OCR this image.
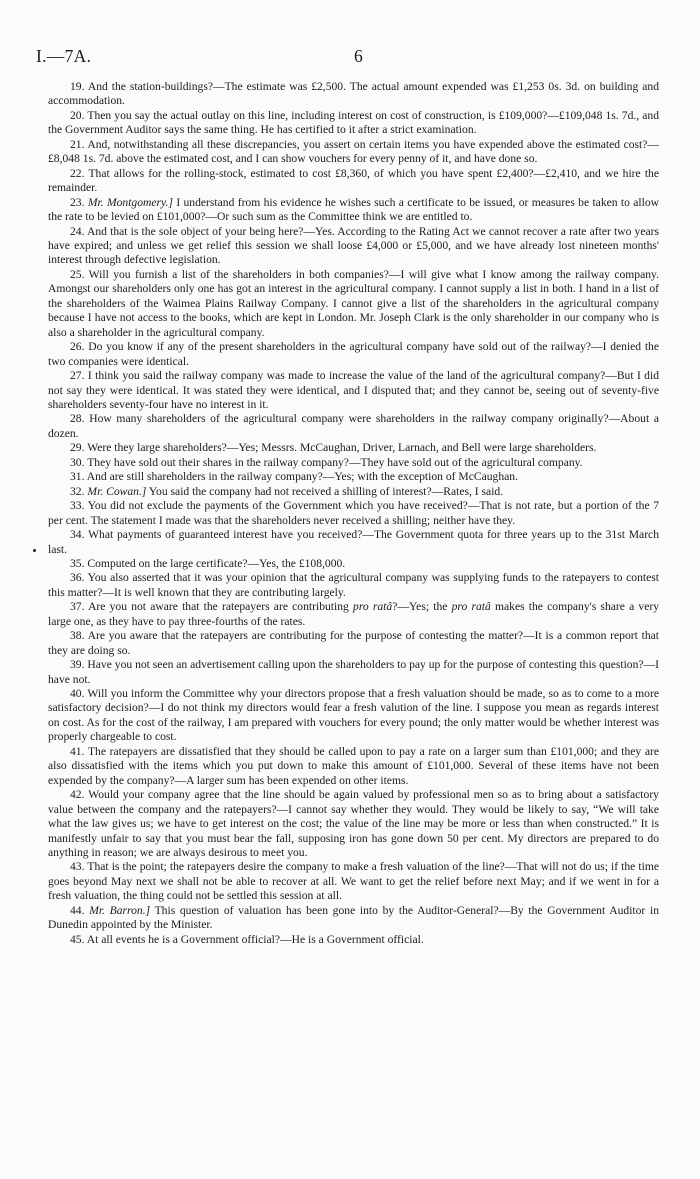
I.—7A.	6

19. And the station-buildings?—The estimate was £2,500. The actual amount expended was £1,253 0s. 3d. on building and accommodation.

20. Then you say the actual outlay on this line, including interest on cost of construction, is £109,000?—£109,048 1s. 7d., and the Government Auditor says the same thing. He has certified to it after a strict examination.

21. And, notwithstanding all these discrepancies, you assert on certain items you have expended above the estimated cost?—£8,048 1s. 7d. above the estimated cost, and I can show vouchers for every penny of it, and have done so.

22. That allows for the rolling-stock, estimated to cost £8,360, of which you have spent £2,400?—£2,410, and we hire the remainder.

23. Mr. Montgomery.] I understand from his evidence he wishes such a certificate to be issued, or measures be taken to allow the rate to be levied on £101,000?—Or such sum as the Committee think we are entitled to.

24. And that is the sole object of your being here?—Yes. According to the Rating Act we cannot recover a rate after two years have expired; and unless we get relief this session we shall loose £4,000 or £5,000, and we have already lost nineteen months' interest through defective legislation.

25. Will you furnish a list of the shareholders in both companies?—I will give what I know among the railway company. Amongst our shareholders only one has got an interest in the agricultural company. I cannot supply a list in both. I hand in a list of the shareholders of the Waimea Plains Railway Company. I cannot give a list of the shareholders in the agricultural company because I have not access to the books, which are kept in London. Mr. Joseph Clark is the only shareholder in our company who is also a shareholder in the agricultural company.

26. Do you know if any of the present shareholders in the agricultural company have sold out of the railway?—I denied the two companies were identical.

27. I think you said the railway company was made to increase the value of the land of the agricultural company?—But I did not say they were identical. It was stated they were identical, and I disputed that; and they cannot be, seeing out of seventy-five shareholders seventy-four have no interest in it.

28. How many shareholders of the agricultural company were shareholders in the railway company originally?—About a dozen.

29. Were they large shareholders?—Yes; Messrs. McCaughan, Driver, Larnach, and Bell were large shareholders.

30. They have sold out their shares in the railway company?—They have sold out of the agricultural company.

31. And are still shareholders in the railway company?—Yes; with the exception of McCaughan.

32. Mr. Cowan.] You said the company had not received a shilling of interest?—Rates, I said.

33. You did not exclude the payments of the Government which you have received?—That is not rate, but a portion of the 7 per cent. The statement I made was that the shareholders never received a shilling; neither have they.

34. What payments of guaranteed interest have you received?—The Government quota for three years up to the 31st March last.

35. Computed on the large certificate?—Yes, the £108,000.

36. You also asserted that it was your opinion that the agricultural company was supplying funds to the ratepayers to contest this matter?—It is well known that they are contributing largely.

37. Are you not aware that the ratepayers are contributing pro ratâ?—Yes; the pro ratâ makes the company's share a very large one, as they have to pay three-fourths of the rates.

38. Are you aware that the ratepayers are contributing for the purpose of contesting the matter?—It is a common report that they are doing so.

39. Have you not seen an advertisement calling upon the shareholders to pay up for the purpose of contesting this question?—I have not.

40. Will you inform the Committee why your directors propose that a fresh valuation should be made, so as to come to a more satisfactory decision?—I do not think my directors would fear a fresh valution of the line. I suppose you mean as regards interest on cost. As for the cost of the railway, I am prepared with vouchers for every pound; the only matter would be whether interest was properly chargeable to cost.

41. The ratepayers are dissatisfied that they should be called upon to pay a rate on a larger sum than £101,000; and they are also dissatisfied with the items which you put down to make this amount of £101,000. Several of these items have not been expended by the company?—A larger sum has been expended on other items.

42. Would your company agree that the line should be again valued by professional men so as to bring about a satisfactory value between the company and the ratepayers?—I cannot say whether they would. They would be likely to say, “We will take what the law gives us; we have to get interest on the cost; the value of the line may be more or less than when constructed.” It is manifestly unfair to say that you must bear the fall, supposing iron has gone down 50 per cent. My directors are prepared to do anything in reason; we are always desirous to meet you.

43. That is the point; the ratepayers desire the company to make a fresh valuation of the line?—That will not do us; if the time goes beyond May next we shall not be able to recover at all. We want to get the relief before next May; and if we went in for a fresh valuation, the thing could not be settled this session at all.

44. Mr. Barron.] This question of valuation has been gone into by the Auditor-General?—By the Government Auditor in Dunedin appointed by the Minister.

45. At all events he is a Government official?—He is a Government official.
